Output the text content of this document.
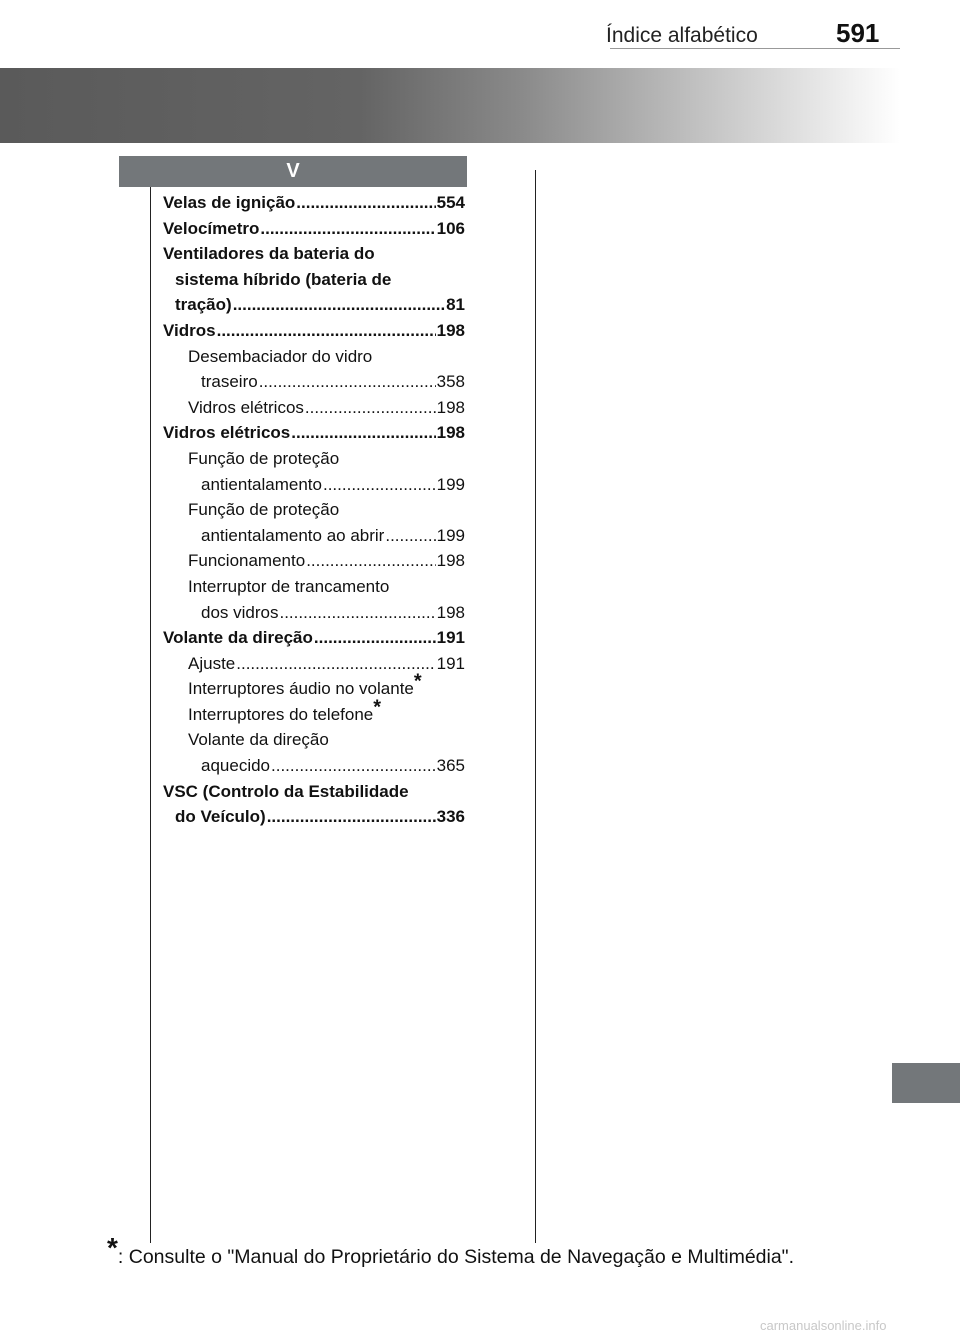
Índice alfabético	591
V
Velas de ignição .....	554
Velocímetro .....	106
Ventiladores da bateria do
sistema híbrido (bateria de
tração) .....	81
Vidros .....	198
Desembaciador do vidro
traseiro .....	358
Vidros elétricos .....	198
Vidros elétricos .....	198
Função de proteção
antientalamento .....	199
Função de proteção
antientalamento ao abrir .....	199
Funcionamento .....	198
Interruptor de trancamento
dos vidros .....	198
Volante da direção .....	191
Ajuste .....	191
Interruptores áudio no volante*
Interruptores do telefone*
Volante da direção
aquecido .....	365
VSC (Controlo da Estabilidade
do Veículo) .....	336
*: Consulte o "Manual do Proprietário do Sistema de Navegação e Multimédia".
carmanualsonline.info
